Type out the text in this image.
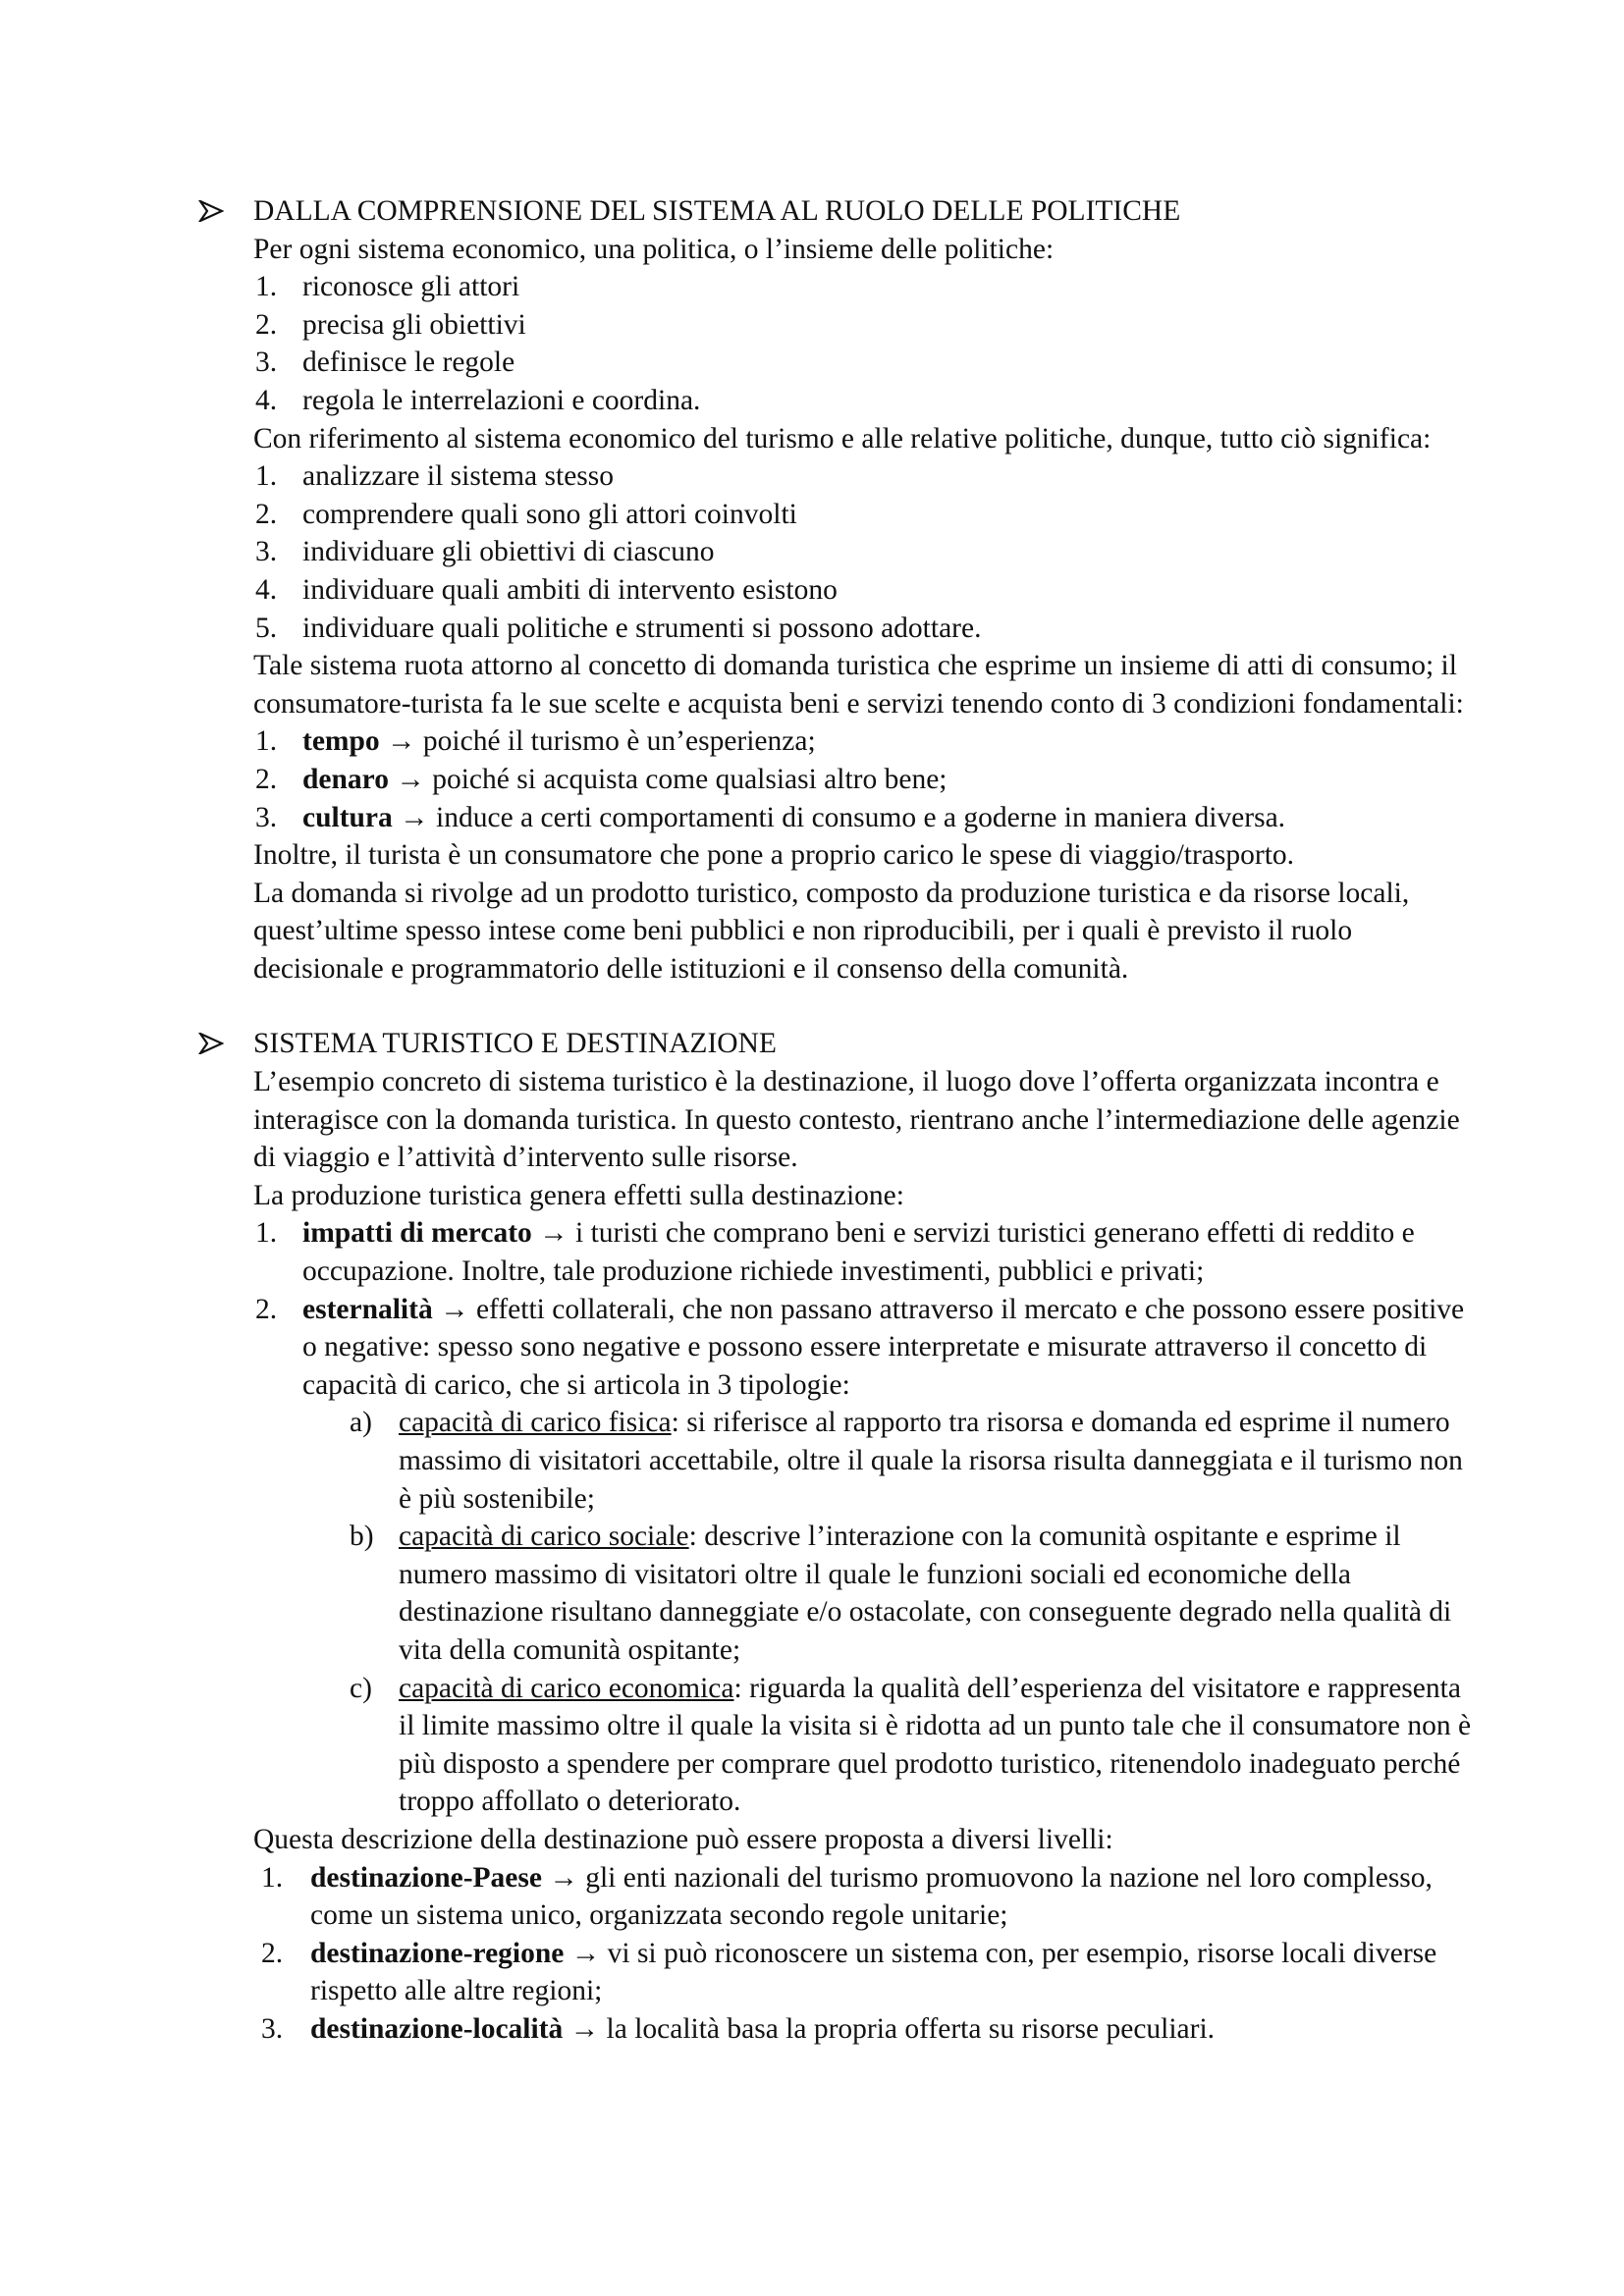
DALLA COMPRENSIONE DEL SISTEMA AL RUOLO DELLE POLITICHE

Per ogni sistema economico, una politica, o l’insieme delle politiche:

1. riconosce gli attori
2. precisa gli obiettivi
3. definisce le regole
4. regola le interrelazioni e coordina.

Con riferimento al sistema economico del turismo e alle relative politiche, dunque, tutto ciò significa:

1. analizzare il sistema stesso
2. comprendere quali sono gli attori coinvolti
3. individuare gli obiettivi di ciascuno
4. individuare quali ambiti di intervento esistono
5. individuare quali politiche e strumenti si possono adottare.

Tale sistema ruota attorno al concetto di domanda turistica che esprime un insieme di atti di consumo; il consumatore-turista fa le sue scelte e acquista beni e servizi tenendo conto di 3 condizioni fondamentali:

1. tempo → poiché il turismo è un’esperienza;
2. denaro → poiché si acquista come qualsiasi altro bene;
3. cultura → induce a certi comportamenti di consumo e a goderne in maniera diversa.

Inoltre, il turista è un consumatore che pone a proprio carico le spese di viaggio/trasporto.

La domanda si rivolge ad un prodotto turistico, composto da produzione turistica e da risorse locali, quest’ultime spesso intese come beni pubblici e non riproducibili, per i quali è previsto il ruolo decisionale e programmatorio delle istituzioni e il consenso della comunità.

SISTEMA TURISTICO E DESTINAZIONE

L’esempio concreto di sistema turistico è la destinazione, il luogo dove l’offerta organizzata incontra e interagisce con la domanda turistica. In questo contesto, rientrano anche l’intermediazione delle agenzie di viaggio e l’attività d’intervento sulle risorse.

La produzione turistica genera effetti sulla destinazione:

1. impatti di mercato → i turisti che comprano beni e servizi turistici generano effetti di reddito e occupazione. Inoltre, tale produzione richiede investimenti, pubblici e privati;
2. esternalità → effetti collaterali, che non passano attraverso il mercato e che possono essere positive o negative: spesso sono negative e possono essere interpretate e misurate attraverso il concetto di capacità di carico, che si articola in 3 tipologie:
a) capacità di carico fisica: si riferisce al rapporto tra risorsa e domanda ed esprime il numero massimo di visitatori accettabile, oltre il quale la risorsa risulta danneggiata e il turismo non è più sostenibile;
b) capacità di carico sociale: descrive l’interazione con la comunità ospitante e esprime il numero massimo di visitatori oltre il quale le funzioni sociali ed economiche della destinazione risultano danneggiate e/o ostacolate, con conseguente degrado nella qualità di vita della comunità ospitante;
c) capacità di carico economica: riguarda la qualità dell’esperienza del visitatore e rappresenta il limite massimo oltre il quale la visita si è ridotta ad un punto tale che il consumatore non è più disposto a spendere per comprare quel prodotto turistico, ritenendolo inadeguato perché troppo affollato o deteriorato.

Questa descrizione della destinazione può essere proposta a diversi livelli:

1. destinazione-Paese → gli enti nazionali del turismo promuovono la nazione nel loro complesso, come un sistema unico, organizzata secondo regole unitarie;
2. destinazione-regione → vi si può riconoscere un sistema con, per esempio, risorse locali diverse rispetto alle altre regioni;
3. destinazione-località → la località basa la propria offerta su risorse peculiari.
